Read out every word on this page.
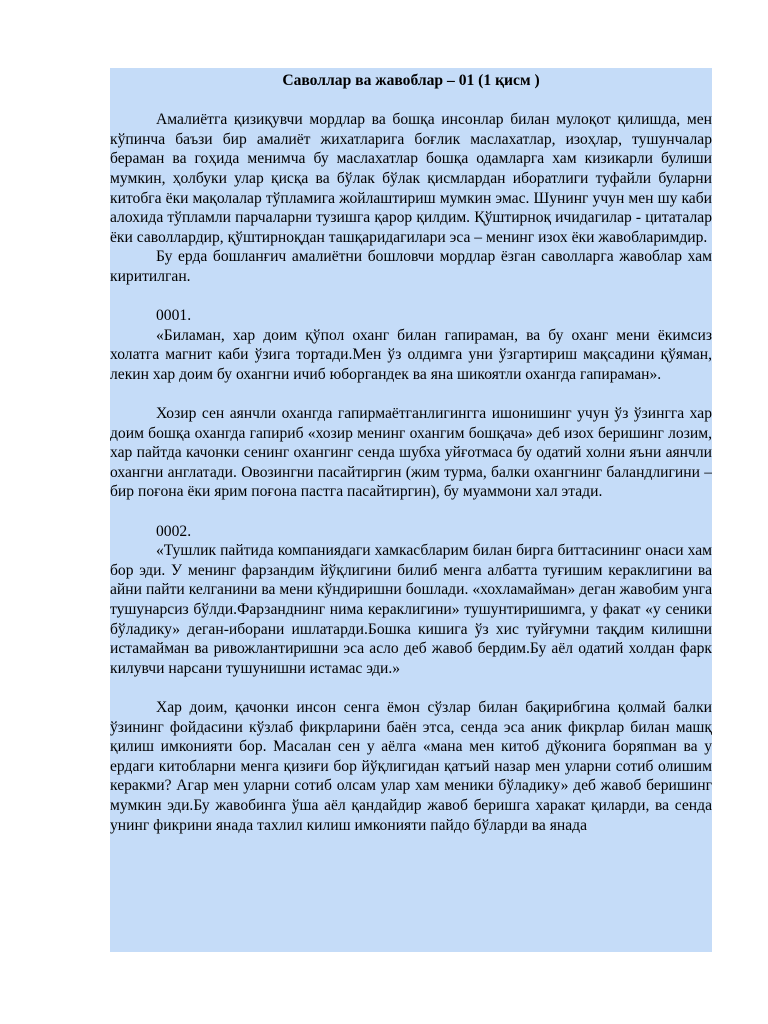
Саволлар ва жавоблар – 01 (1 қисм )

Амалиётга қизиқувчи мордлар ва бошқа инсонлар билан мулоқот қилишда, мен кўпинча баъзи бир амалиёт жихатларига боғлик маслахатлар, изоҳлар, тушунчалар бераман ва гоҳида менимча бу маслахатлар бошқа одамларга хам кизикарли булиши мумкин, ҳолбуки улар қисқа ва бўлак бўлак қисмлардан иборатлиги туфайли буларни китобга ёки мақолалар тўпламига жойлаштириш мумкин эмас. Шунинг учун мен шу каби алохида тўпламли парчаларни тузишга қарор қилдим. Қўштирноқ ичидагилар - цитаталар ёки саволлардир, қўштирноқдан ташқаридагилари эса – менинг изох ёки жавобларимдир.

Бу ерда бошланғич амалиётни бошловчи мордлар ёзган саволларга жавоблар хам киритилган.

0001.

«Биламан, хар доим қўпол оханг билан гапираман, ва бу оханг мени ёкимсиз холатга магнит каби ўзига тортади.Мен ўз олдимга уни ўзгартириш мақсадини қўяман, лекин хар доим бу охангни ичиб юборгандек ва яна шикоятли охангда гапираман».

Хозир сен аянчли охангда гапирмаётганлигингга ишонишинг учун ўз ўзингга хар доим бошқа охангда гапириб «хозир менинг охангим бошқача» деб изох беришинг лозим, хар пайтда качонки сенинг охангинг сенда шубха уйғотмаса бу одатий холни яъни аянчли охангни англатади. Овозингни пасайтиргин (жим турма, балки охангнинг баландлигини – бир поғона ёки ярим поғона пастга пасайтиргин), бу муаммони хал этади.

0002.

«Тушлик пайтида компаниядаги хамкасбларим билан бирга биттасининг онаси хам бор эди. У менинг фарзандим йўқлигини билиб менга албатта туғишим кераклигини ва айни пайти келганини ва мени кўндиришни бошлади. «хохламайман» деган жавобим унга тушунарсиз бўлди.Фарзанднинг нима кераклигини» тушунтиришимга, у факат «у сеники бўладику» деган-иборани ишлатарди.Бошка кишига ўз хис туйғумни тақдим килишни истамайман ва ривожлантиришни эса асло деб жавоб бердим.Бу аёл одатий холдан фарк килувчи нарсани тушунишни истамас эди.»

Хар доим, қачонки инсон сенга ёмон сўзлар билан бақирибгина қолмай балки ўзининг фойдасини кўзлаб фикрларини баён этса, сенда эса аник фикрлар билан машқ қилиш имконияти бор. Масалан сен у аёлга «мана мен китоб дўконига боряпман ва у ердаги китобларни менга қизиғи бор йўқлигидан қатъий назар мен уларни сотиб олишим керакми? Агар мен уларни сотиб олсам улар хам меники бўладику» деб жавоб беришинг мумкин эди.Бу жавобинга ўша аёл қандайдир жавоб беришга харакат қиларди, ва сенда унинг фикрини янада тахлил килиш имконияти пайдо бўларди ва янада
